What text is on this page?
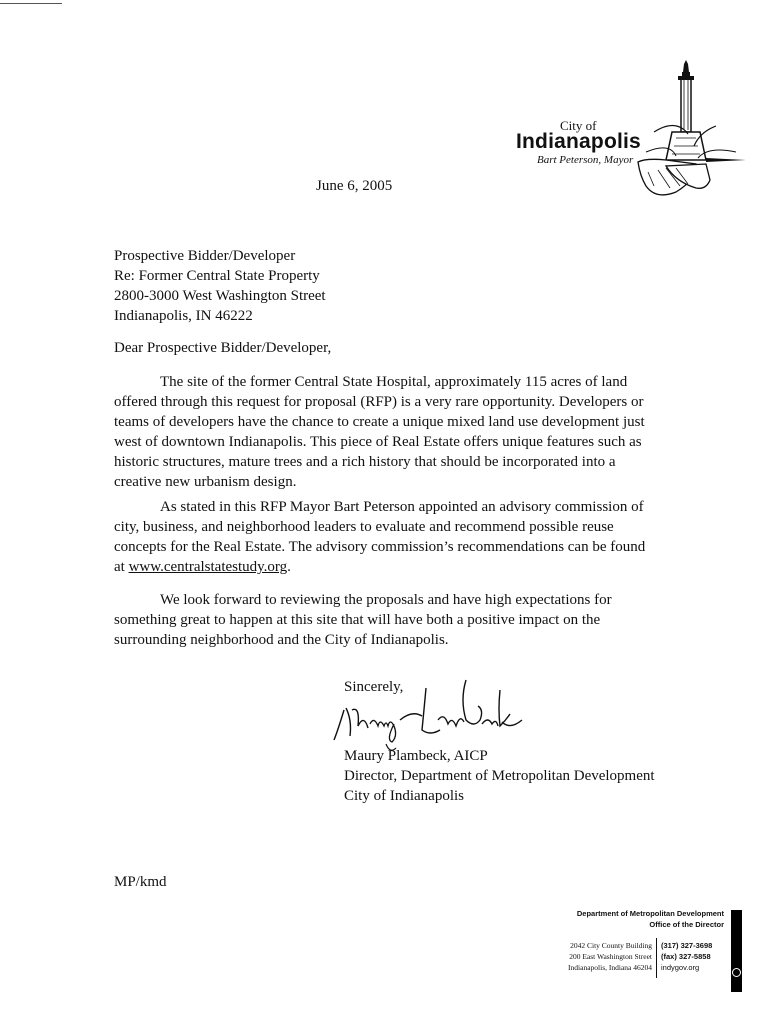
City of
Indianapolis
Bart Peterson, Mayor
June 6, 2005
Prospective Bidder/Developer
Re: Former Central State Property
2800-3000 West Washington Street
Indianapolis, IN 46222
Dear Prospective Bidder/Developer,
The site of the former Central State Hospital, approximately 115 acres of land
offered through this request for proposal (RFP) is a very rare opportunity. Developers or
teams of developers have the chance to create a unique mixed land use development just
west of downtown Indianapolis. This piece of Real Estate offers unique features such as
historic structures, mature trees and a rich history that should be incorporated into a
creative new urbanism design.
As stated in this RFP Mayor Bart Peterson appointed an advisory commission of
city, business, and neighborhood leaders to evaluate and recommend possible reuse
concepts for the Real Estate. The advisory commission’s recommendations can be found
at www.centralstatestudy.org.
We look forward to reviewing the proposals and have high expectations for
something great to happen at this site that will have both a positive impact on the
surrounding neighborhood and the City of Indianapolis.
Sincerely,
Maury Plambeck, AICP
Director, Department of Metropolitan Development
City of Indianapolis
MP/kmd
Department of Metropolitan Development
Office of the Director
2042 City County Building
200 East Washington Street
Indianapolis, Indiana 46204
(317) 327-3698
(fax) 327-5858
indygov.org
